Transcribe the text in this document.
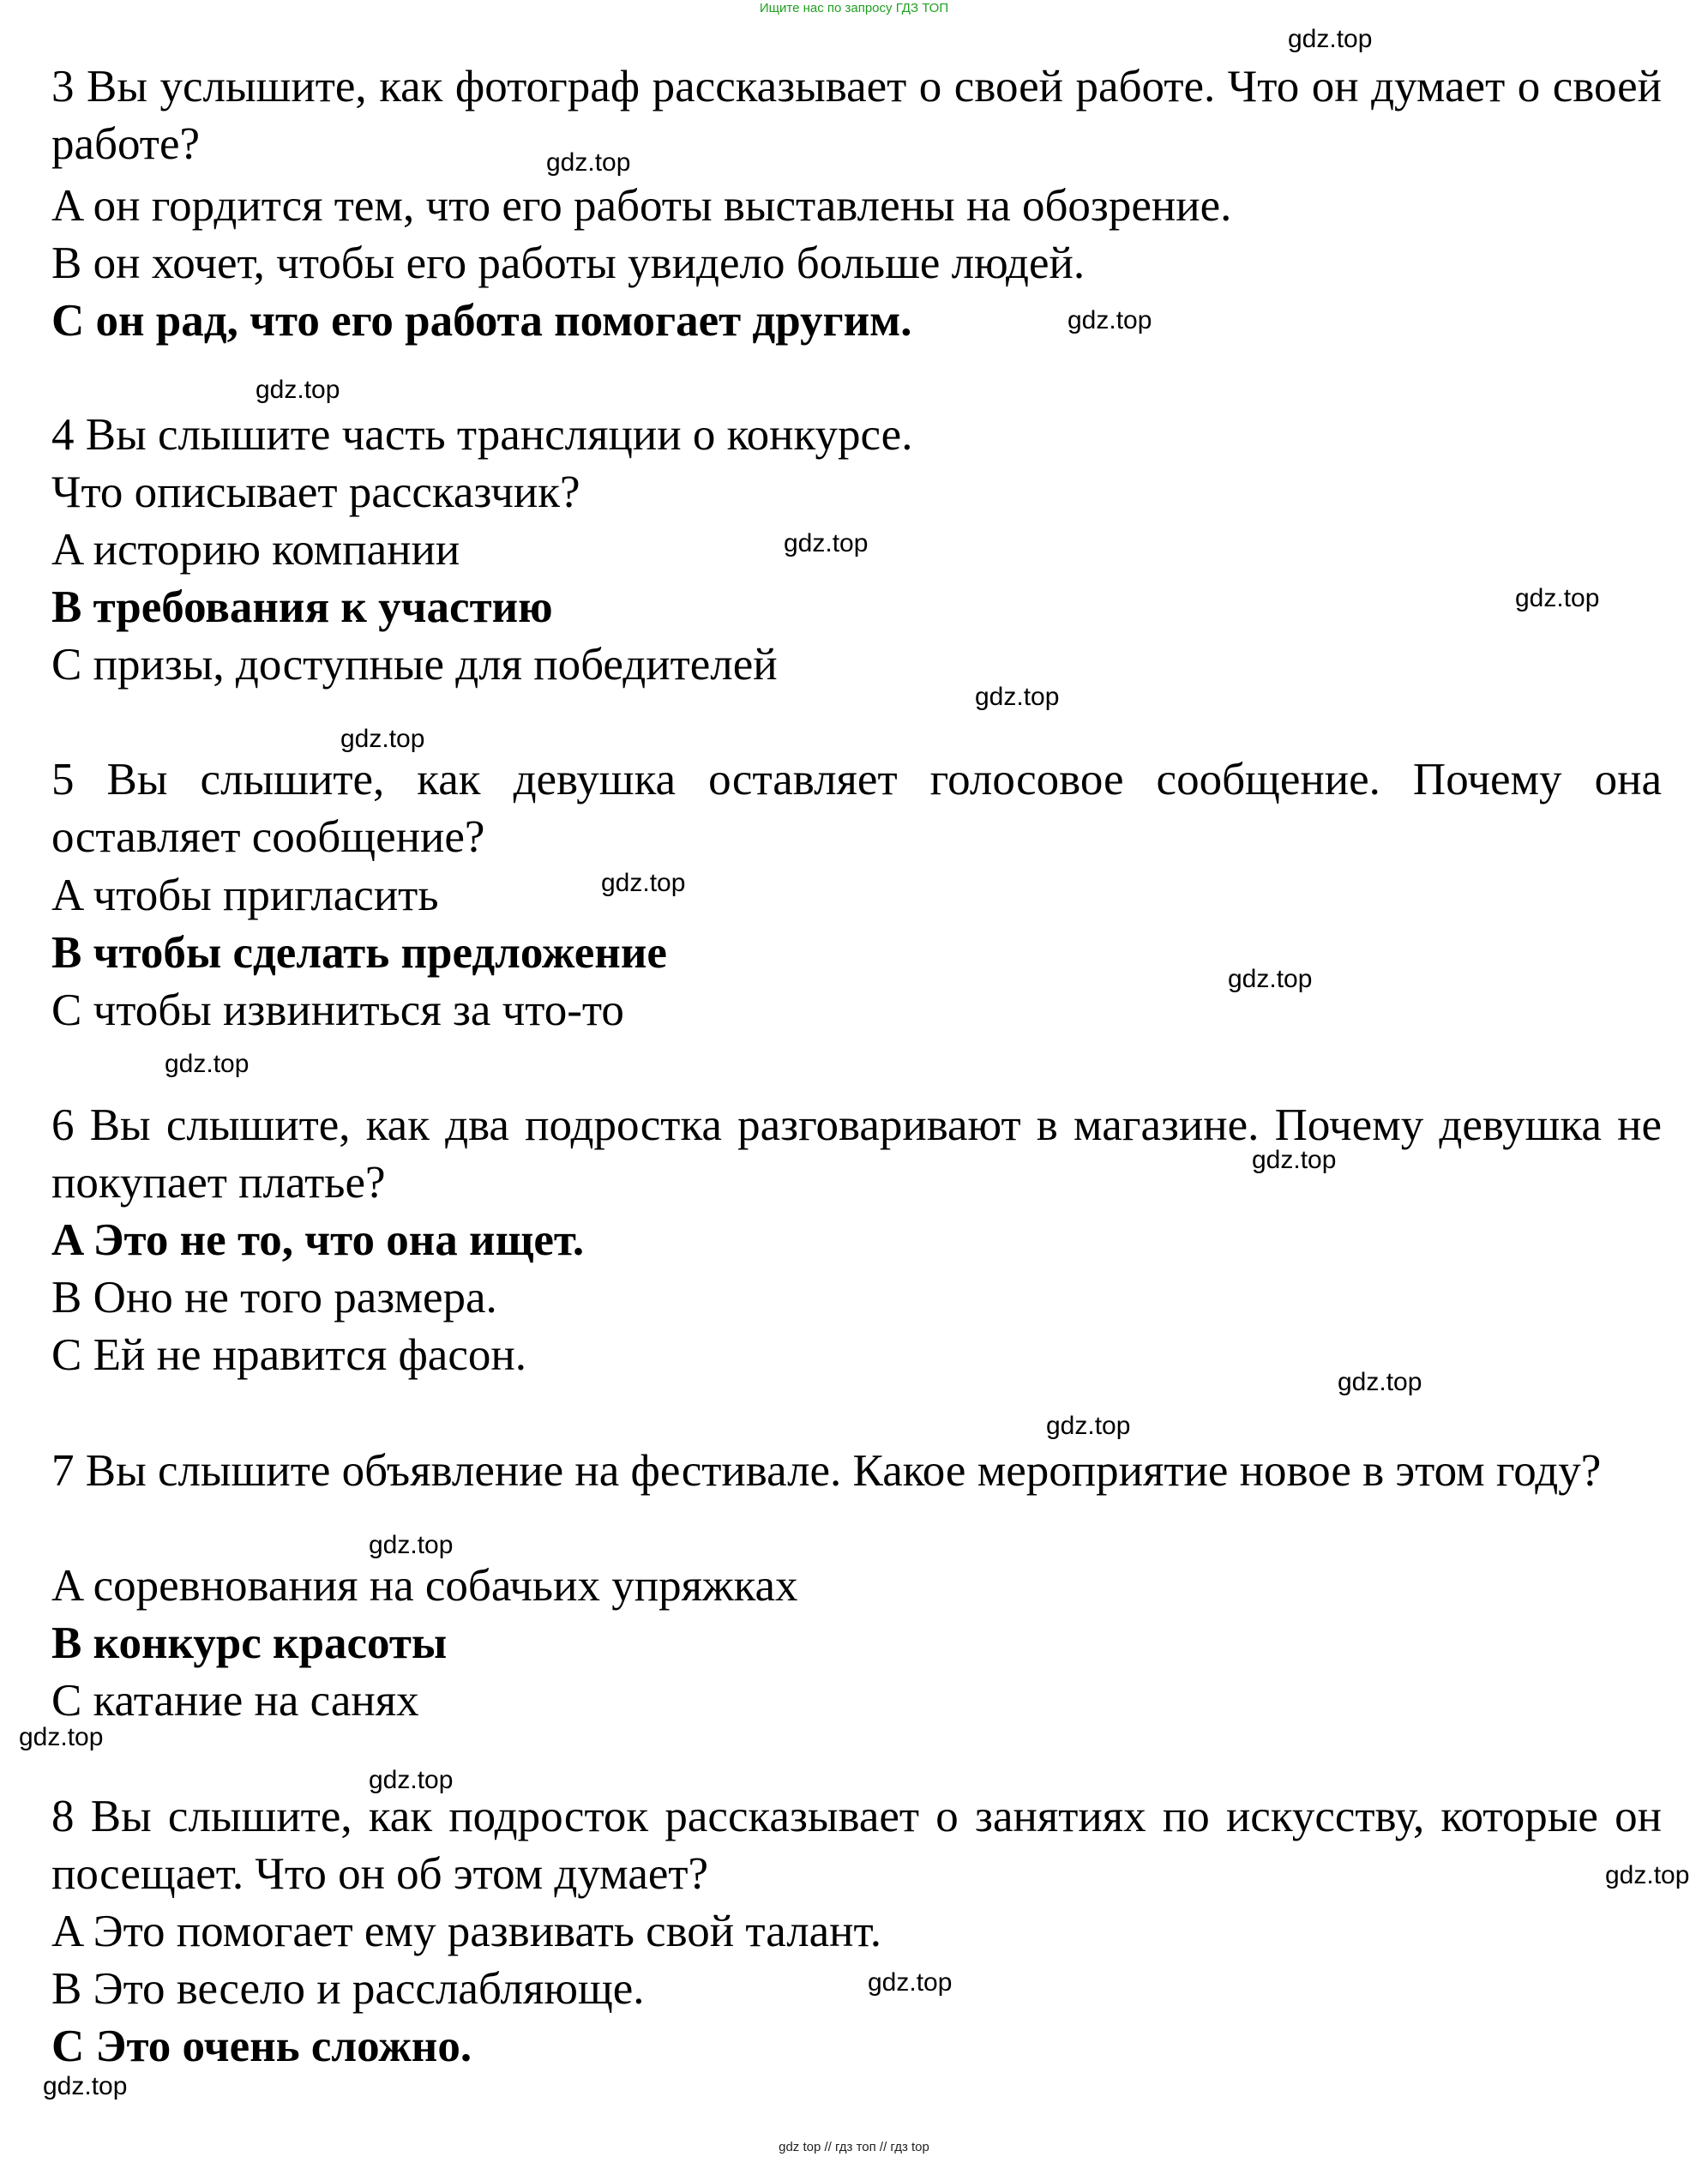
Ищите нас по запросу ГДЗ ТОП
3 Вы услышите, как фотограф рассказывает о своей работе. Что он думает о своей работе?
A он гордится тем, что его работы выставлены на обозрение.
B он хочет, чтобы его работы увидело больше людей.
C он рад, что его работа помогает другим.
4 Вы слышите часть трансляции о конкурсе.
Что описывает рассказчик?
A историю компании
B требования к участию
C призы, доступные для победителей
5 Вы слышите, как девушка оставляет голосовое сообщение. Почему она оставляет сообщение?
A чтобы пригласить
B чтобы сделать предложение
C чтобы извиниться за что-то
6 Вы слышите, как два подростка разговаривают в магазине. Почему девушка не покупает платье?
A Это не то, что она ищет.
B Оно не того размера.
C Ей не нравится фасон.
7 Вы слышите объявление на фестивале. Какое мероприятие новое в этом году?
A соревнования на собачьих упряжках
B конкурс красоты
C катание на санях
8 Вы слышите, как подросток рассказывает о занятиях по искусству, которые он посещает. Что он об этом думает?
A Это помогает ему развивать свой талант.
B Это весело и расслабляюще.
C Это очень сложно.
gdz.top
gdz.top
gdz.top
gdz.top
gdz.top
gdz.top
gdz.top
gdz.top
gdz.top
gdz.top
gdz.top
gdz.top
gdz.top
gdz.top
gdz.top
gdz.top
gdz.top
gdz.top
gdz.top
gdz.top
gdz top // гдз топ // гдз top
